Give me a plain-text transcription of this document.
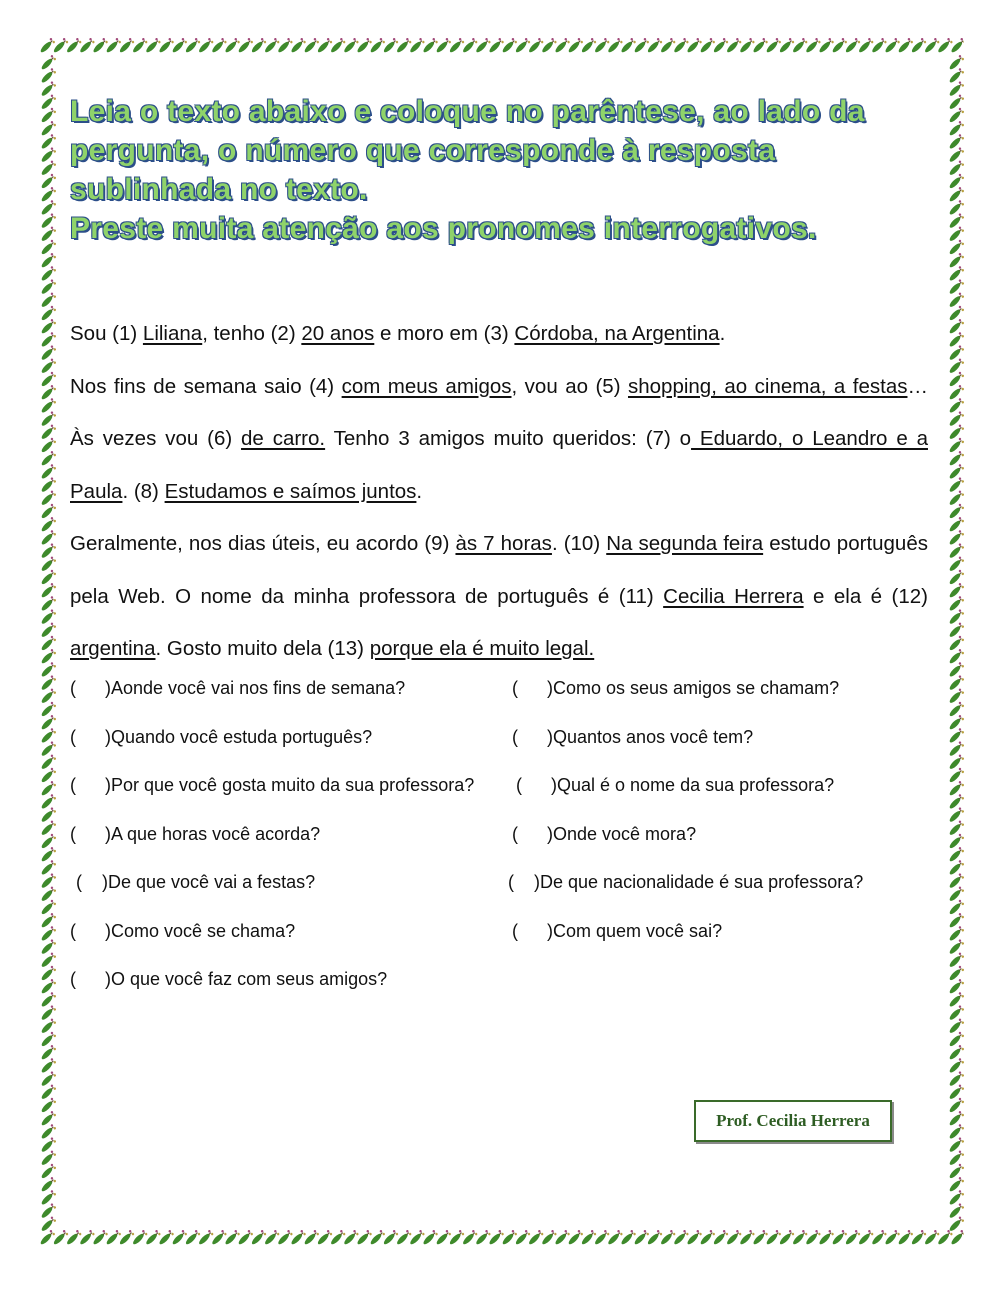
Leia o texto abaixo e coloque no parêntese, ao lado da
pergunta, o número que corresponde à resposta
sublinhada no texto.
Preste muita atenção aos pronomes interrogativos.

Sou (1) Liliana, tenho (2) 20 anos e moro em (3) Córdoba, na Argentina.

Nos fins de semana saio (4) com meus amigos, vou ao (5) shopping, ao cinema, a festas… Às vezes vou (6) de carro. Tenho 3 amigos muito queridos: (7) o Eduardo, o Leandro e a Paula. (8) Estudamos e saímos juntos.

Geralmente, nos dias úteis, eu acordo (9) às 7 horas. (10) Na segunda feira estudo português pela Web. O nome da minha professora de português é (11) Cecilia Herrera e ela é (12) argentina. Gosto muito dela (13) porque ela é muito legal.

( )Aonde você vai nos fins de semana?	( )Como os seus amigos se chamam?
( )Quando você estuda português?	( )Quantos anos você tem?
( )Por que você gosta muito da sua professora? ( )Qual é o nome da sua professora?
( )A que horas você acorda?	( )Onde você mora?
( )De que você vai a festas?	( )De que nacionalidade é sua professora?
( )Como você se chama?	( )Com quem você sai?
( )O que você faz com seus amigos?
Prof. Cecilia Herrera
